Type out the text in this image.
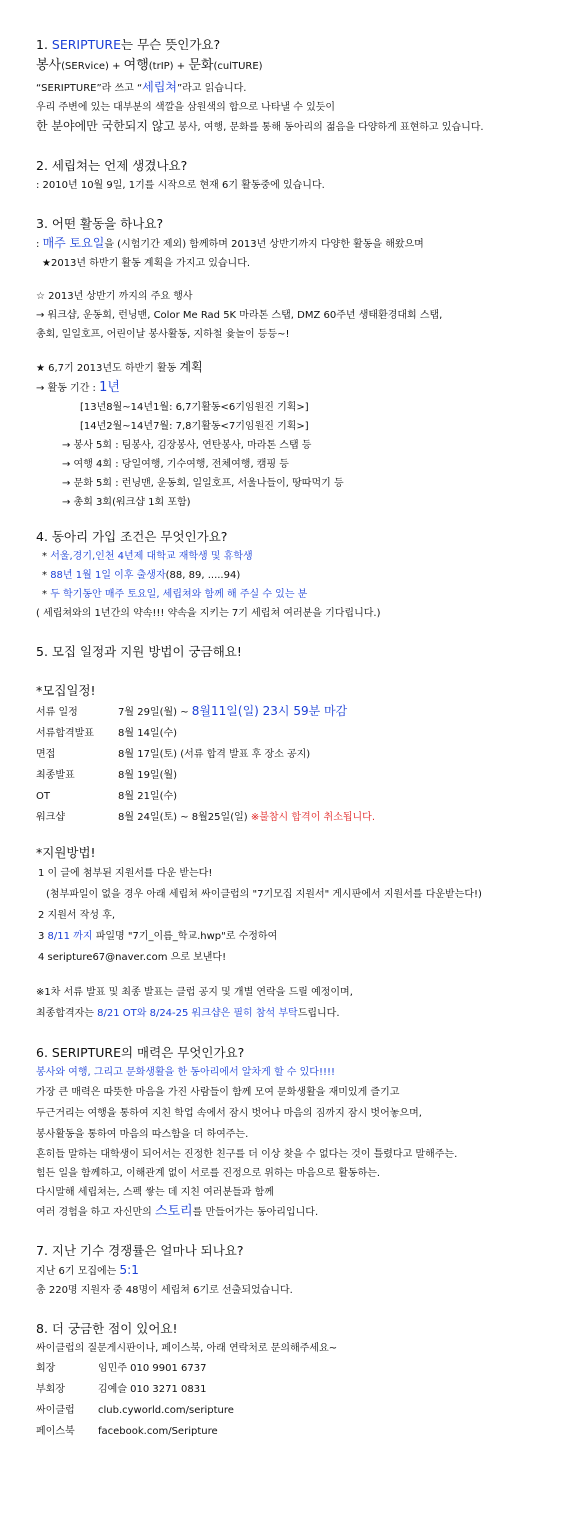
1. SERIPTURE는 무슨 뜻인가요?

봉사(SERvice) + 여행(trIP) + 문화(culTURE)

“SERIPTURE”라 쓰고 “세립쳐”라고 읽습니다.

우리 주변에 있는 대부분의 색깔을 삼원색의 합으로 나타낼 수 있듯이

한 분야에만 국한되지 않고 봉사, 여행, 문화를 통해 동아리의 젊음을 다양하게 표현하고 있습니다.

2. 세립쳐는 언제 생겼나요?

: 2010년 10월 9일, 1기를 시작으로 현재 6기 활동중에 있습니다.

3. 어떤 활동을 하나요?

: 매주 토요일을 (시험기간 제외) 함께하며 2013년 상반기까지 다양한 활동을 해왔으며

★2013년 하반기 활동 계획을 가지고 있습니다.

☆ 2013년 상반기 까지의 주요 행사

→ 워크샵, 운동회, 런닝맨, Color Me Rad 5K 마라톤 스탭, DMZ 60주년 생태환경대회 스탭,

총회, 일일호프, 어린이날 봉사활동, 지하철 윷놀이 등등~!

★ 6,7기 2013년도 하반기 활동 계획

→ 활동 기간 : 1년

[13년8월~14년1월: 6,7기활동<6기임원진 기획>]

[14년2월~14년7월: 7,8기활동<7기임원진 기획>]

→ 봉사 5회 : 팀봉사, 김장봉사, 연탄봉사, 마라톤 스탭 등

→ 여행 4회 : 당일여행, 기수여행, 전체여행, 캠핑 등

→ 문화 5회 : 런닝맨, 운동회, 일일호프, 서울나들이, 땅따먹기 등

→ 총회 3회(워크샵 1회 포함)

4. 동아리 가입 조건은 무엇인가요?

* 서울,경기,인천 4년제 대학교 재학생 및 휴학생

* 88년 1월 1일 이후 출생자(88, 89, .....94)

* 두 학기동안 매주 토요일, 세립쳐와 함께 해 주실 수 있는 분

( 세립쳐와의 1년간의 약속!!! 약속을 지키는 7기 세립쳐 여러분을 기다립니다.)

5. 모집 일정과 지원 방법이 궁금해요!

*모집일정!

서류 일정	7월 29일(월) ~ 8월11일(일) 23시 59분 마감

서류합격발표 8월 14일(수)

면접	8월 17일(토) (서류 합격 발표 후 장소 공지)

최종발표	8월 19일(월)

OT	8월 21일(수)

워크샵	8월 24일(토) ~ 8월25일(일) ※불참시 합격이 취소됩니다.

*지원방법!

1 이 글에 첨부된 지원서를 다운 받는다!

(첨부파일이 없을 경우 아래 세립쳐 싸이클럽의 "7기모집 지원서" 게시판에서 지원서를 다운받는다!)

2 지원서 작성 후,

3 8/11 까지 파일명 "7기_이름_학교.hwp"로 수정하여

4 seripture67@naver.com 으로 보낸다!

※1차 서류 발표 및 최종 발표는 클럽 공지 및 개별 연락을 드릴 예정이며,

최종합격자는 8/21 OT와 8/24-25 워크샵은 필히 참석 부탁드립니다.

6. SERIPTURE의 매력은 무엇인가요?

봉사와 여행, 그리고 문화생활을 한 동아리에서 알차게 할 수 있다!!!!

가장 큰 매력은 따뜻한 마음을 가진 사람들이 함께 모여 문화생활을 재미있게 즐기고

두근거리는 여행을 통하여 지친 학업 속에서 잠시 벗어나 마음의 짐까지 잠시 벗어놓으며,

봉사활동을 통하여 마음의 따스함을 더 하여주는.

흔히들 말하는 대학생이 되어서는 진정한 친구를 더 이상 찾을 수 없다는 것이 틀렸다고 말해주는.

힘든 일을 함께하고, 이해관계 없이 서로를 진정으로 위하는 마음으로 활동하는.

다시말해 세립쳐는, 스펙 쌓는 데 지친 여러분들과 함께

여러 경험을 하고 자신만의 스토리를 만들어가는 동아리입니다.

7. 지난 기수 경쟁률은 얼마나 되나요?

지난 6기 모집에는 5:1

총 220명 지원자 중 48명이 세립쳐 6기로 선출되었습니다.

8. 더 궁금한 점이 있어요!

싸이클럽의 질문게시판이나, 페이스북, 아래 연락처로 문의해주세요~

회장	임민주 010 9901 6737

부회장	김예슬 010 3271 0831

싸이클럽 club.cyworld.com/seripture

페이스북 facebook.com/Seripture
